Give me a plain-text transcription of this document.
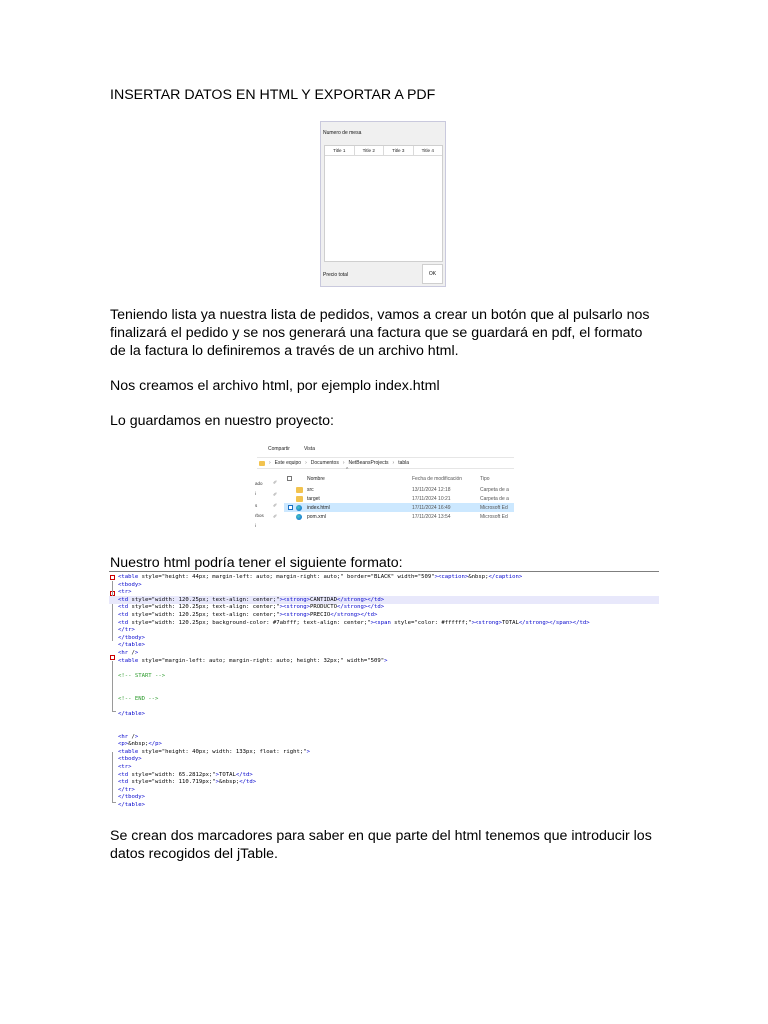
INSERTAR DATOS EN HTML Y EXPORTAR A PDF

Numero de mesa
Title 1	Title 2	Title 3	Title 4
Precio total	OK
Teniendo lista ya nuestra lista de pedidos, vamos a crear un botón que al pulsarlo nos
finalizará el pedido y se nos generará una factura que se guardará en pdf, el formato
de la factura lo definiremos a través de un archivo html.

Nos creamos el archivo html, por ejemplo index.html

Lo guardamos en nuestro proyecto:

Compartir	Vista
› Este equipo › Documentos › NetBeansProjects › tabla
ado
i
s
rbos
i
✐
✐
✐
✐
^
Nombre	Fecha de modificación	Tipo
src	13/11/2024 12:18	Carpeta de a
target	17/11/2024 10:21	Carpeta de a
index.html	17/11/2024 16:49	Microsoft Ed
pom.xml	17/11/2024 13:54	Microsoft Ed

Nuestro html podría tener el siguiente formato:

<table style="height: 44px; margin-left: auto; margin-right: auto;" border="BLACK" width="509"><caption>&nbsp;</caption>
<tbody>
<tr>
<td style="width: 120.25px; text-align: center;"><strong>CANTIDAD</strong></td>
<td style="width: 120.25px; text-align: center;"><strong>PRODUCTO</strong></td>
<td style="width: 120.25px; text-align: center;"><strong>PRECIO</strong></td>
<td style="width: 120.25px; background-color: #7abfff; text-align: center;"><span style="color: #ffffff;"><strong>TOTAL</strong></span></td>
</tr>
</tbody>
</table>
<hr />
<table style="margin-left: auto; margin-right: auto; height: 32px;" width="509">
<!-- START -->
<!-- END -->
</table>
<hr />
<p>&nbsp;</p>
<table style="height: 40px; width: 133px; float: right;">
<tbody>
<tr>
<td style="width: 65.2812px;">TOTAL</td>
<td style="width: 110.719px;">&nbsp;</td>
</tr>
</tbody>
</table>
Se crean dos marcadores para saber en que parte del html tenemos que introducir los
datos recogidos del jTable.
